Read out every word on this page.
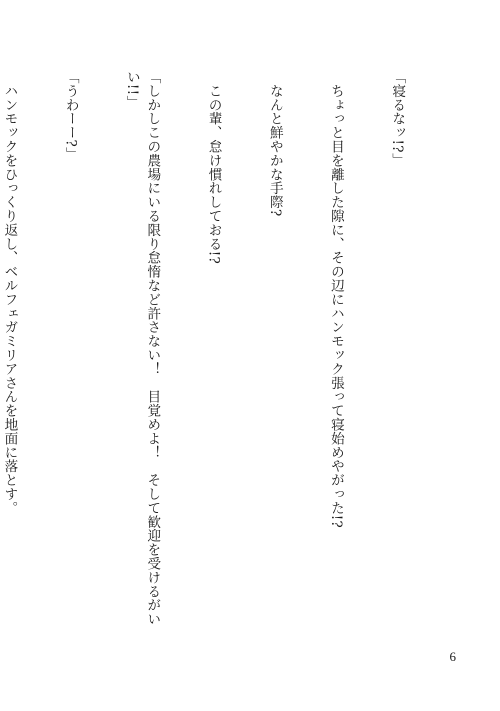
「寝るなッ!?」

　ちょっと目を離した隙に、その辺にハンモック張って寝始めやがった!?

　なんと鮮やかな手際?

　この輩、怠け慣れしておる!?

「しかしこの農場にいる限り怠惰など許さない！　目覚めよ！　そして歓迎を受けるがいい!!」

「うわーー?」

　ハンモックをひっくり返し、ベルフェガミリアさんを地面に落とす。

6
